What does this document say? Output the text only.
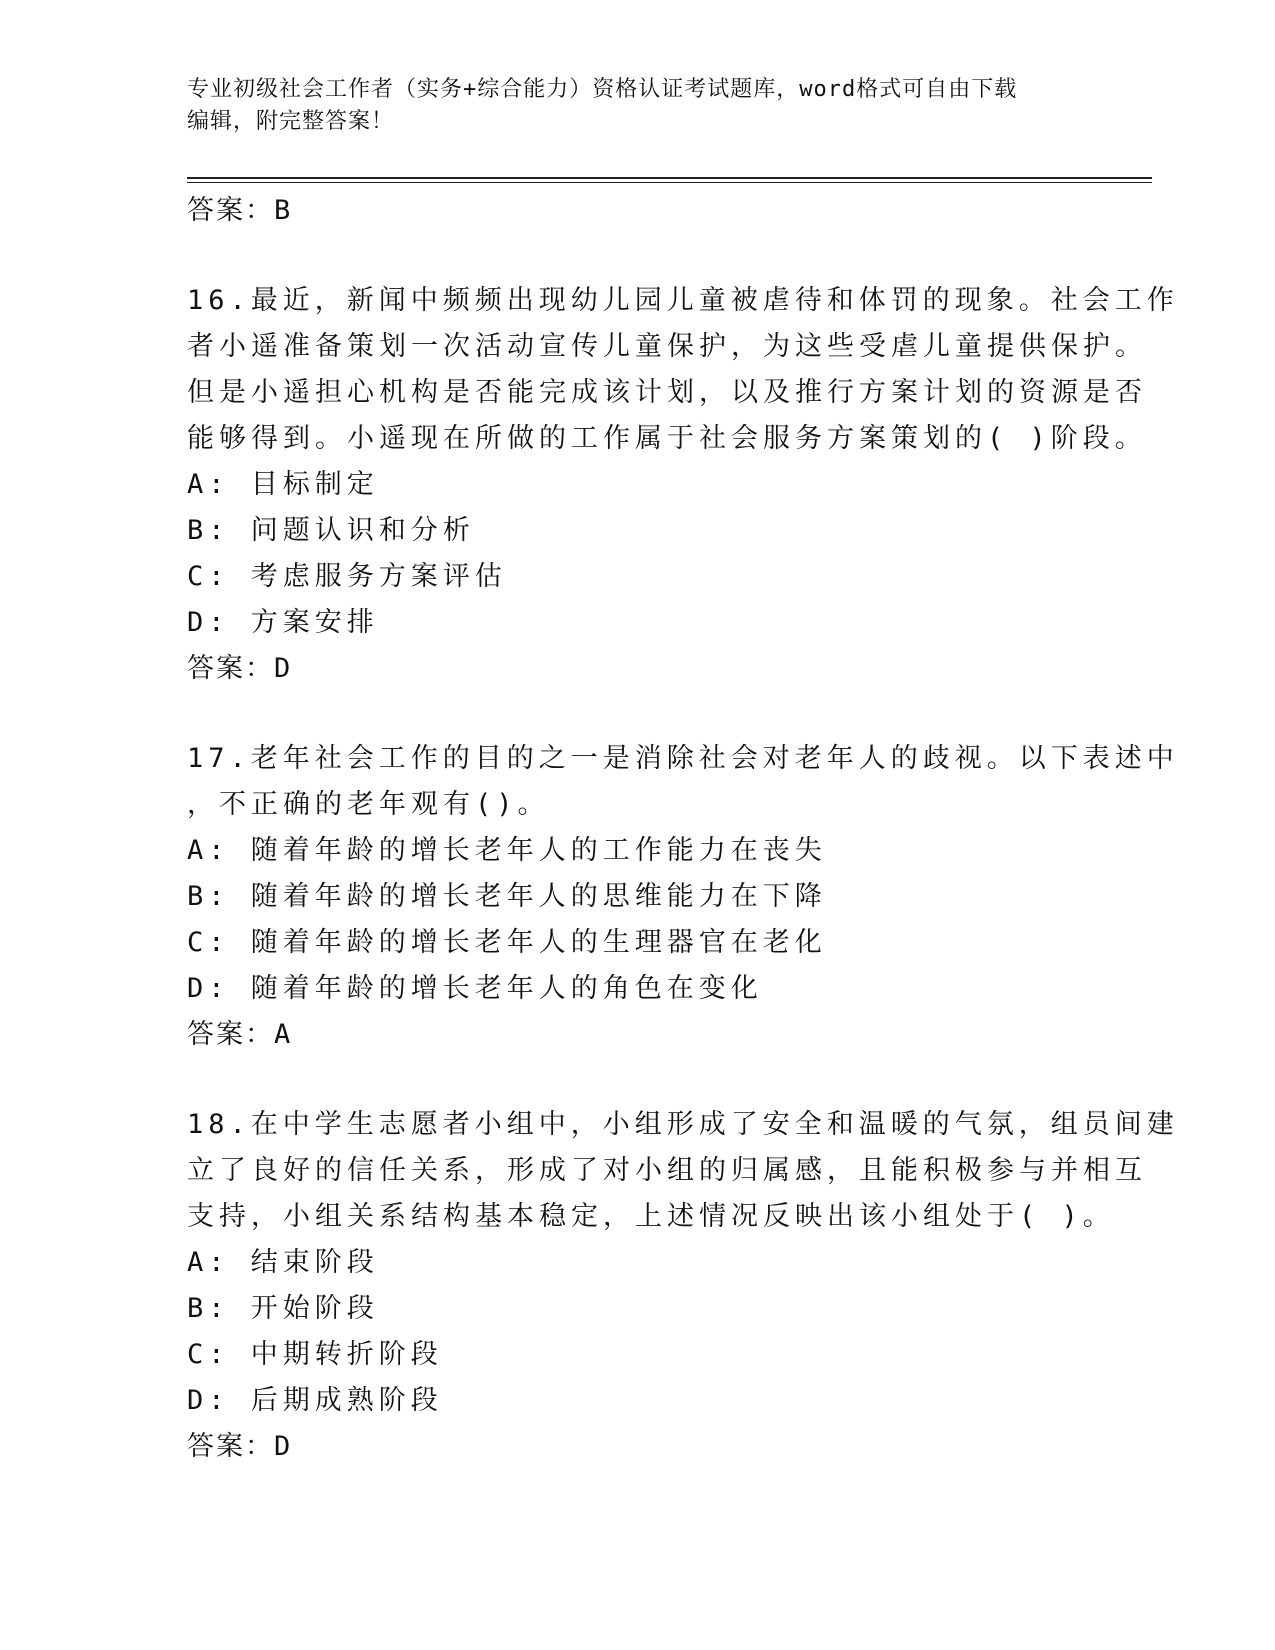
专业初级社会工作者（实务+综合能力）资格认证考试题库，word格式可自由下载
编辑，附完整答案！
答案：B
16.最近，新闻中频频出现幼儿园儿童被虐待和体罚的现象。社会工作
者小遥准备策划一次活动宣传儿童保护，为这些受虐儿童提供保护。
但是小遥担心机构是否能完成该计划，以及推行方案计划的资源是否
能够得到。小遥现在所做的工作属于社会服务方案策划的( )阶段。
A: 目标制定
B: 问题认识和分析
C: 考虑服务方案评估
D: 方案安排
答案：D
17.老年社会工作的目的之一是消除社会对老年人的歧视。以下表述中
，不正确的老年观有()。
A: 随着年龄的增长老年人的工作能力在丧失
B: 随着年龄的增长老年人的思维能力在下降
C: 随着年龄的增长老年人的生理器官在老化
D: 随着年龄的增长老年人的角色在变化
答案：A
18.在中学生志愿者小组中，小组形成了安全和温暖的气氛，组员间建
立了良好的信任关系，形成了对小组的归属感，且能积极参与并相互
支持，小组关系结构基本稳定，上述情况反映出该小组处于( )。
A: 结束阶段
B: 开始阶段
C: 中期转折阶段
D: 后期成熟阶段
答案：D
